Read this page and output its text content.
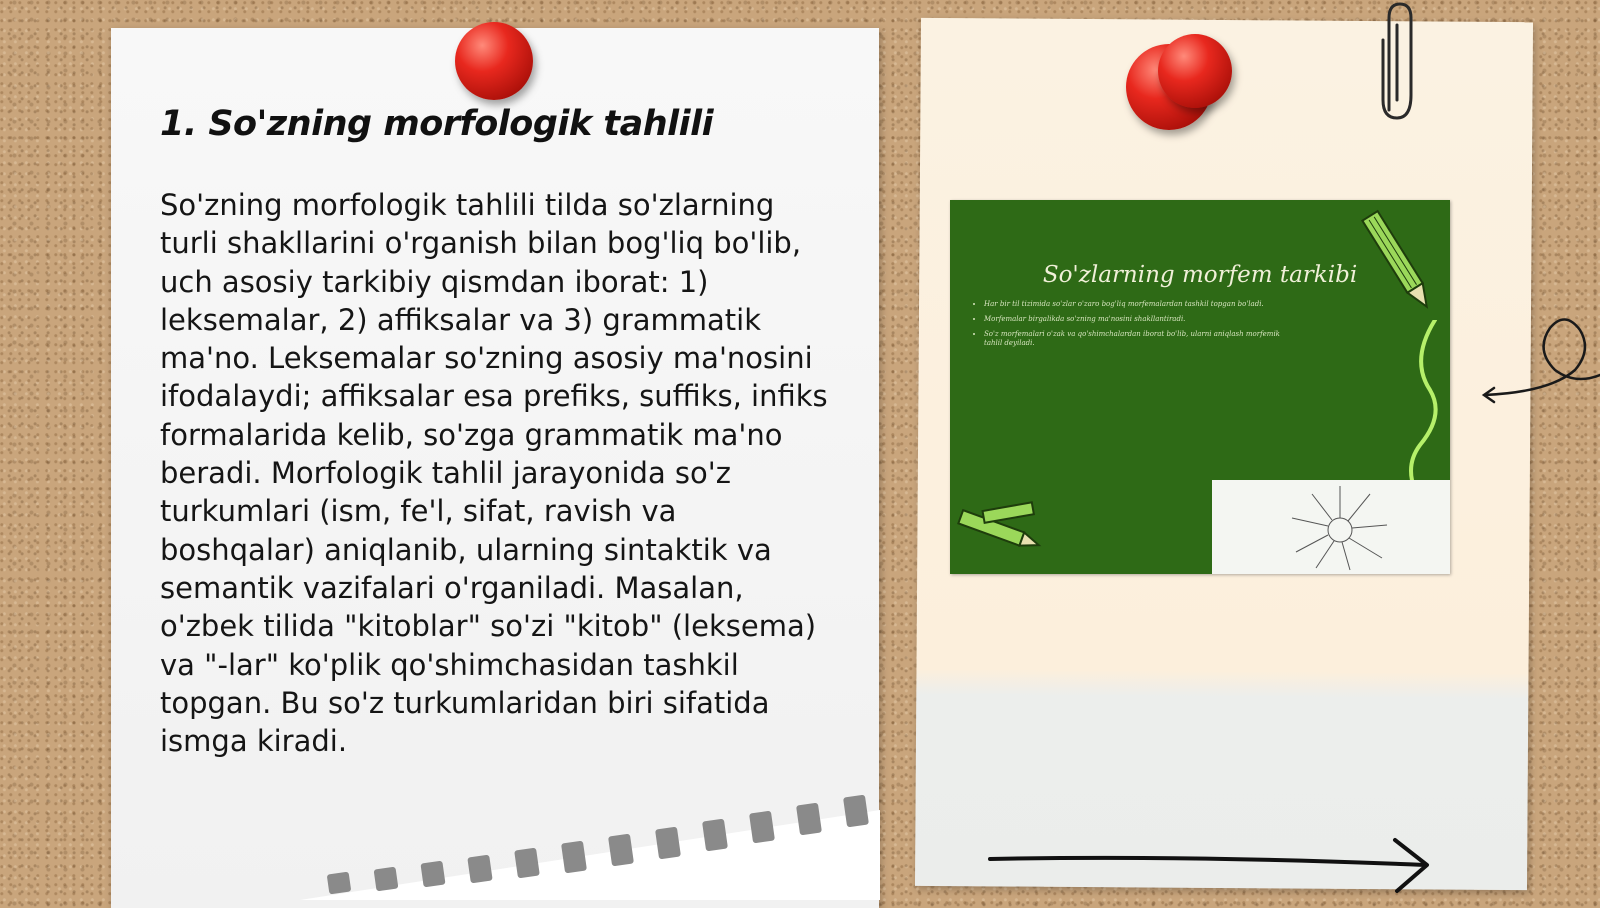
1. So'zning morfologik tahlili

So'zning morfologik tahlili tilda so'zlarning turli shakllarini o'rganish bilan bog'liq bo'lib, uch asosiy tarkibiy qismdan iborat: 1) leksemalar, 2) affiksalar va 3) grammatik ma'no. Leksemalar so'zning asosiy ma'nosini ifodalaydi; affiksalar esa prefiks, suffiks, infiks formalarida kelib, so'zga grammatik ma'no beradi. Morfologik tahlil jarayonida so'z turkumlari (ism, fe'l, sifat, ravish va boshqalar) aniqlanib, ularning sintaktik va semantik vazifalari o'rganiladi. Masalan, o'zbek tilida "kitoblar" so'zi "kitob" (leksema) va "-lar" ko'plik qo'shimchasidan tashkil topgan. Bu so'z turkumlaridan biri sifatida ismga kiradi.

So'zlarning morfem tarkibi
• Har bir til tizimida so'zlar o'zaro bog'liq morfemalardan tashkil topgan bo'ladi.
• Morfemalar birgalikda so'zning ma'nosini shakllantiradi.
• So'z morfemalari o'zak va qo'shimchalardan iborat bo'lib, ularni aniqlash morfemik tahlil deyiladi.
